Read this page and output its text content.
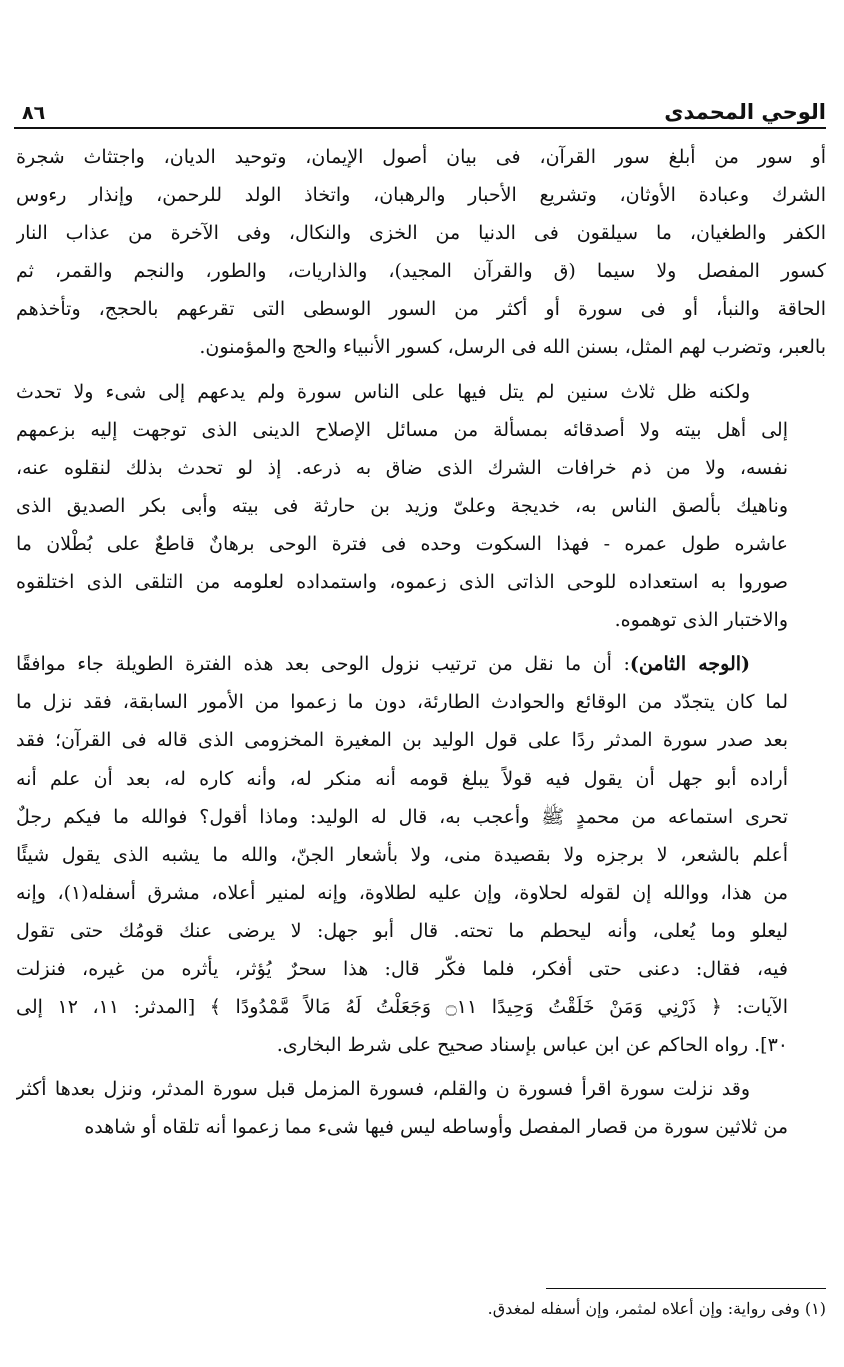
الوحي المحمدى
٨٦
أو سور من أبلغ سور القرآن، فى بيان أصول الإيمان، وتوحيد الديان، واجتثاث شجرة
الشرك وعبادة الأوثان، وتشريع الأحبار والرهبان، واتخاذ الولد للرحمن، وإنذار رءوس
الكفر والطغيان، ما سيلقون فى الدنيا من الخزى والنكال، وفى الآخرة من عذاب النار
كسور المفصل ولا سيما (ق والقرآن المجيد)، والذاريات، والطور، والنجم والقمر، ثم
الحاقة والنبأ، أو فى سورة أو أكثر من السور الوسطى التى تقرعهم بالحجج، وتأخذهم
بالعبر، وتضرب لهم المثل، بسنن الله فى الرسل، كسور الأنبياء والحج والمؤمنون.
ولكنه ظل ثلاث سنين لم يتل فيها على الناس سورة ولم يدعهم إلى شىء ولا تحدث
إلى أهل بيته ولا أصدقائه بمسألة من مسائل الإصلاح الدينى الذى توجهت إليه بزعمهم
نفسه، ولا من ذم خرافات الشرك الذى ضاق به ذرعه. إذ لو تحدث بذلك لنقلوه عنه،
وناهيك بألصق الناس به، خديجة وعلىّ وزيد بن حارثة فى بيته وأبى بكر الصديق الذى
عاشره طول عمره - فهذا السكوت وحده فى فترة الوحى برهانٌ قاطعٌ على بُطْلان ما
صوروا به استعداده للوحى الذاتى الذى زعموه، واستمداده لعلومه من التلقى الذى اختلقوه
والاختبار الذى توهموه.
(الوجه الثامن): أن ما نقل من ترتيب نزول الوحى بعد هذه الفترة الطويلة جاء موافقًا
لما كان يتجدّد من الوقائع والحوادث الطارئة، دون ما زعموا من الأمور السابقة، فقد نزل ما
بعد صدر سورة المدثر ردًا على قول الوليد بن المغيرة المخزومى الذى قاله فى القرآن؛ فقد
أراده أبو جهل أن يقول فيه قولاً يبلغ قومه أنه منكر له، وأنه كاره له، بعد أن علم أنه
تحرى استماعه من محمدٍ ﷺ وأعجب به، قال له الوليد: وماذا أقول؟ فوالله ما فيكم رجلٌ
أعلم بالشعر، لا برجزه ولا بقصيدة منى، ولا بأشعار الجنّ، والله ما يشبه الذى يقول شيئًا
من هذا، ووالله إن لقوله لحلاوة، وإن عليه لطلاوة، وإنه لمنير أعلاه، مشرق أسفله(١)، وإنه
ليعلو وما يُعلى، وأنه ليحطم ما تحته. قال أبو جهل: لا يرضى عنك قومُك حتى تقول
فيه، فقال: دعنى حتى أفكر، فلما فكّر قال: هذا سحرٌ يُؤثر، يأثره من غيره، فنزلت
الآيات: ﴿ ذَرْنِي وَمَنْ خَلَقْتُ وَحِيدًا ۝١١ وَجَعَلْتُ لَهُ مَالاً مَّمْدُودًا ﴾ [المدثر: ١١، ١٢ إلى
٣٠]. رواه الحاكم عن ابن عباس بإسناد صحيح على شرط البخارى.
وقد نزلت سورة اقرأ فسورة ن والقلم، فسورة المزمل قبل سورة المدثر، ونزل بعدها أكثر
من ثلاثين سورة من قصار المفصل وأوساطه ليس فيها شىء مما زعموا أنه تلقاه أو شاهده
(١) وفى رواية: وإن أعلاه لمثمر، وإن أسفله لمغدق.
